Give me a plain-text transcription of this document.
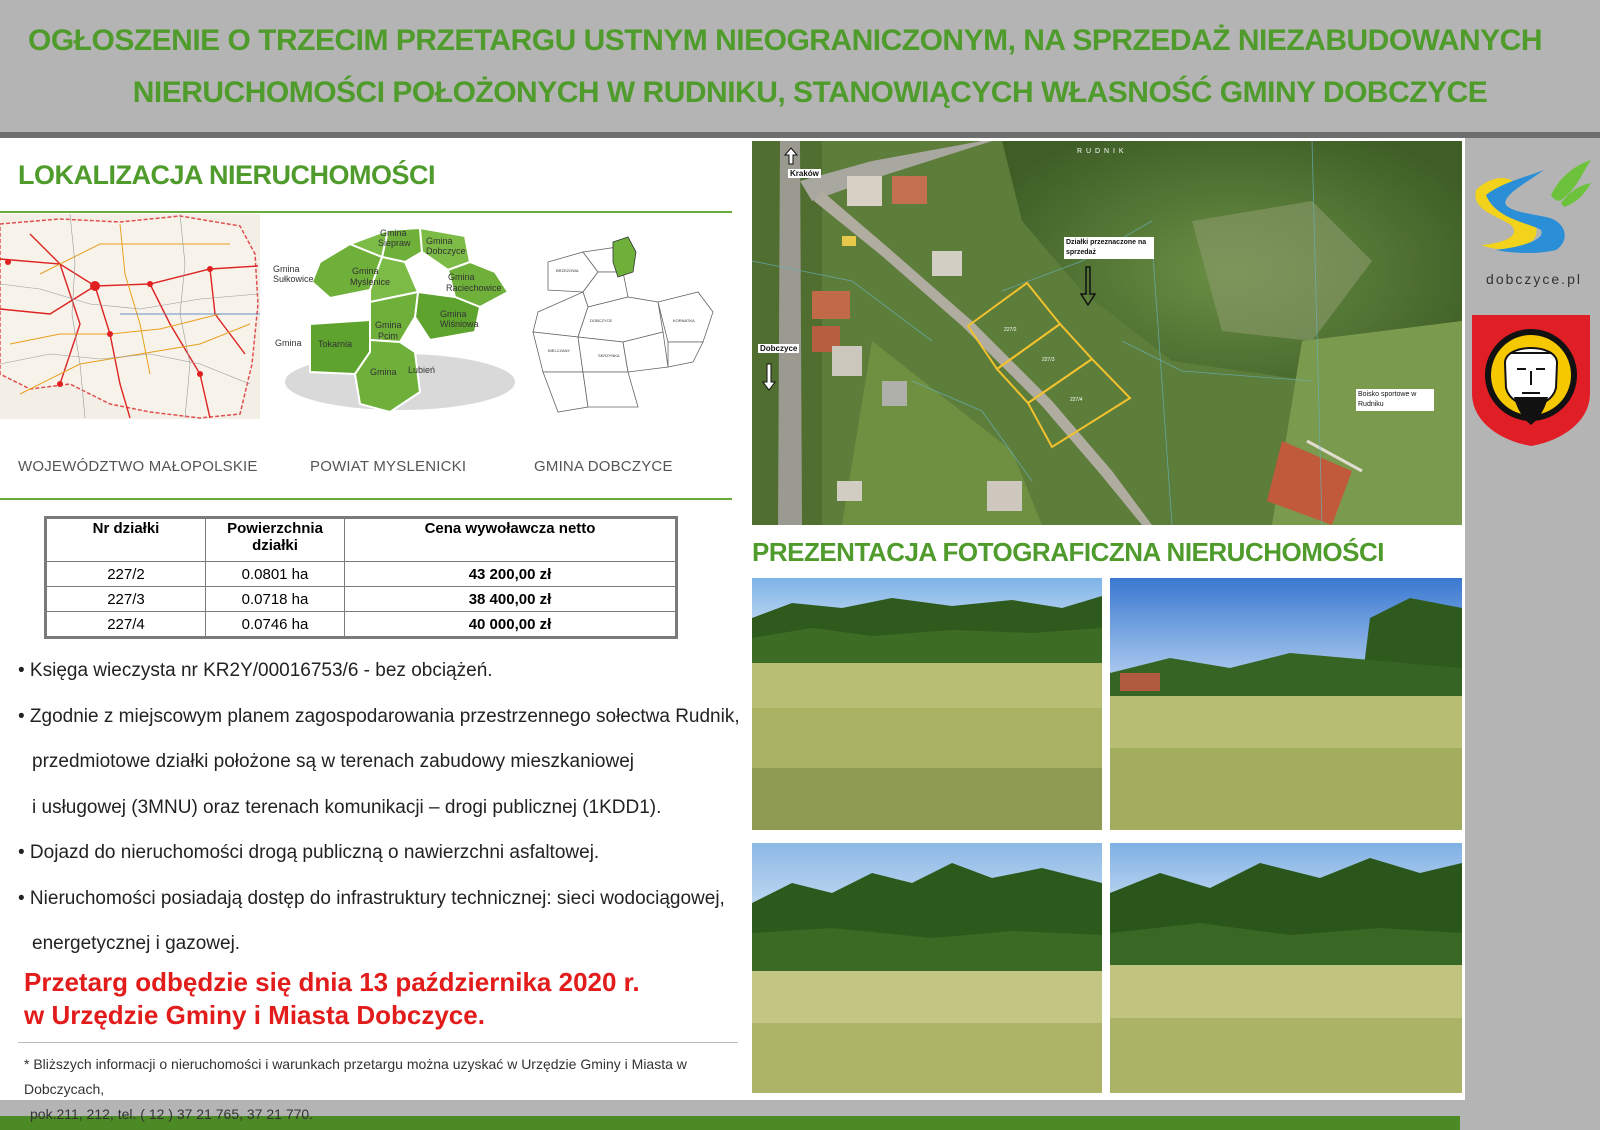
OGŁOSZENIE O TRZECIM PRZETARGU USTNYM NIEOGRANICZONYM, NA SPRZEDAŻ NIEZABUDOWANYCH
NIERUCHOMOŚCI POŁOŻONYCH W RUDNIKU, STANOWIĄCYCH WŁASNOŚĆ GMINY DOBCZYCE
LOKALIZACJA NIERUCHOMOŚCI
Gmina
Siepraw Gmina
Dobczyce
Gmina
Sułkowice
Gmina
Myślenice	Gmina
Raciechowice
Gmina
Wiśniowa
Gmina
Pcim
Gmina Tokarnia
Gmina Lubień
BRZEZOWA
DOBCZYCE
BIELCZANY
SKRZYNKA
KORNATKA
WOJEWÓDZTWO MAŁOPOLSKIE	POWIAT MYSLENICKI	GMINA DOBCZYCE
Nr działki	Powierzchnia działki	Cena wywoławcza netto
227/2	0.0801 ha	43 200,00 zł
227/3	0.0718 ha	38 400,00 zł
227/4	0.0746 ha	40 000,00 zł
• Księga wieczysta nr KR2Y/00016753/6 - bez obciążeń.
• Zgodnie z miejscowym planem zagospodarowania przestrzennego sołectwa Rudnik,
przedmiotowe działki położone są w terenach zabudowy mieszkaniowej
i usługowej (3MNU) oraz terenach komunikacji – drogi publicznej (1KDD1).
• Dojazd do nieruchomości drogą publiczną o nawierzchni asfaltowej.
• Nieruchomości posiadają dostęp do infrastruktury technicznej: sieci wodociągowej,
energetycznej i gazowej.
Przetarg odbędzie się dnia 13 października 2020 r.
w Urzędzie Gminy i Miasta Dobczyce.
* Bliższych informacji o nieruchomości i warunkach przetargu można uzyskać w Urzędzie Gminy i Miasta w Dobczycach,
pok.211, 212, tel. ( 12 ) 37 21 765, 37 21 770.
227/2
227/3
227/4
R U D N I K
Kraków
Dobczyce
Działki przeznaczone na sprzedaż
Boisko sportowe w Rudniku
PREZENTACJA FOTOGRAFICZNA NIERUCHOMOŚCI
dobczyce.pl
